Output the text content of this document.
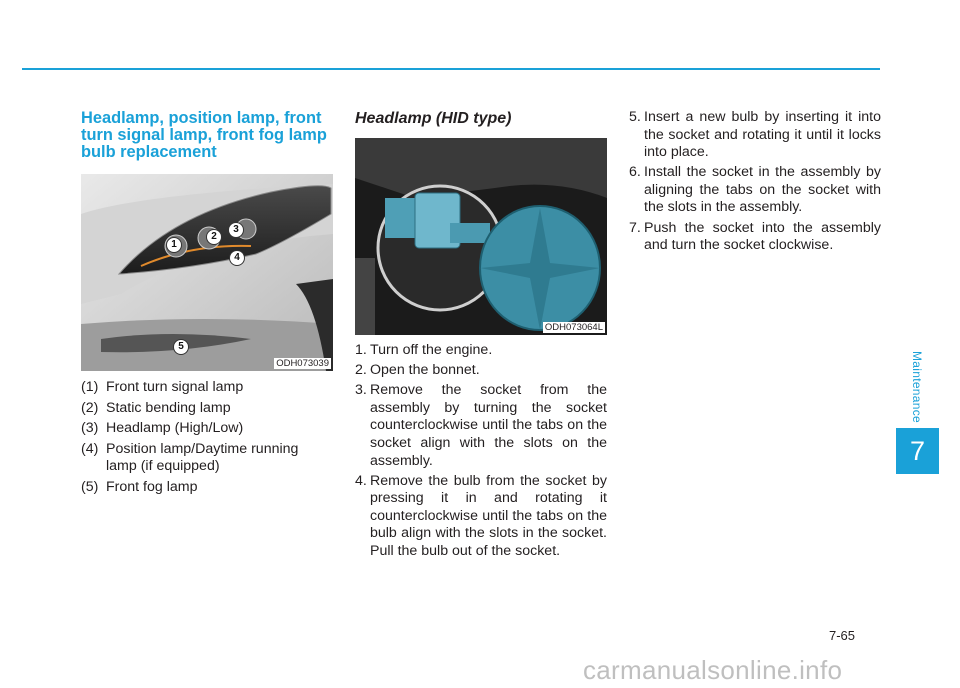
Headlamp, position lamp, front turn signal lamp, front fog lamp bulb replacement
1
2
3
4
5
ODH073039
(1) Front turn signal lamp
(2) Static bending lamp
(3) Headlamp (High/Low)
(4) Position lamp/Daytime running lamp (if equipped)
(5) Front fog lamp
Headlamp (HID type)
ODH073064L
1. Turn off the engine.
2. Open the bonnet.
3. Remove the socket from the assembly by turning the socket counterclockwise until the tabs on the socket align with the slots on the assembly.
4. Remove the bulb from the socket by pressing it in and rotating it counterclockwise until the tabs on the bulb align with the slots in the socket. Pull the bulb out of the socket.
5. Insert a new bulb by inserting it into the socket and rotating it until it locks into place.
6. Install the socket in the assembly by aligning the tabs on the socket with the slots in the assembly.
7. Push the socket into the assembly and turn the socket clockwise.
Maintenance
7
7-65
carmanualsonline.info
